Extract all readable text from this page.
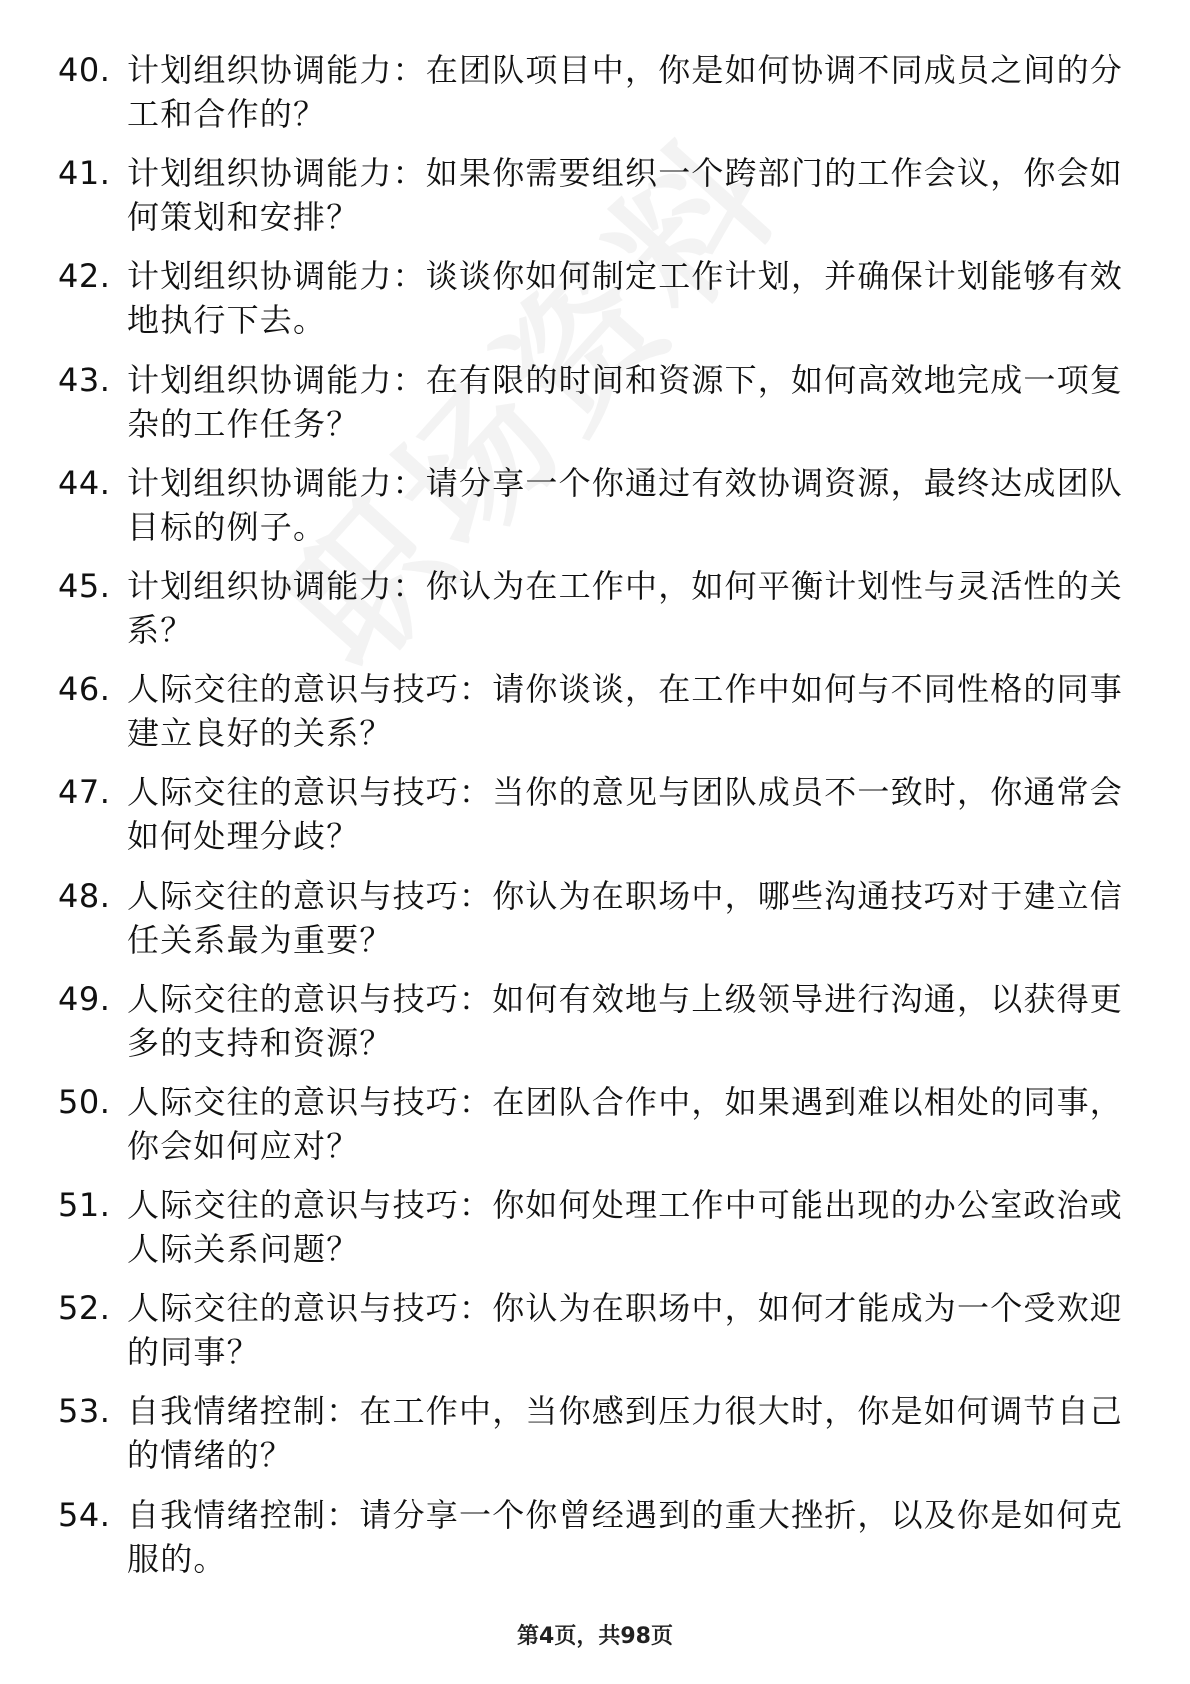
40. 计划组织协调能力：在团队项目中，你是如何协调不同成员之间的分工和合作的？
41. 计划组织协调能力：如果你需要组织一个跨部门的工作会议，你会如何策划和安排？
42. 计划组织协调能力：谈谈你如何制定工作计划，并确保计划能够有效地执行下去。
43. 计划组织协调能力：在有限的时间和资源下，如何高效地完成一项复杂的工作任务？
44. 计划组织协调能力：请分享一个你通过有效协调资源，最终达成团队目标的例子。
45. 计划组织协调能力：你认为在工作中，如何平衡计划性与灵活性的关系？
46. 人际交往的意识与技巧：请你谈谈，在工作中如何与不同性格的同事建立良好的关系？
47. 人际交往的意识与技巧：当你的意见与团队成员不一致时，你通常会如何处理分歧？
48. 人际交往的意识与技巧：你认为在职场中，哪些沟通技巧对于建立信任关系最为重要？
49. 人际交往的意识与技巧：如何有效地与上级领导进行沟通，以获得更多的支持和资源？
50. 人际交往的意识与技巧：在团队合作中，如果遇到难以相处的同事，你会如何应对？
51. 人际交往的意识与技巧：你如何处理工作中可能出现的办公室政治或人际关系问题？
52. 人际交往的意识与技巧：你认为在职场中，如何才能成为一个受欢迎的同事？
53. 自我情绪控制：在工作中，当你感到压力很大时，你是如何调节自己的情绪的？
54. 自我情绪控制：请分享一个你曾经遇到的重大挫折，以及你是如何克服的。
第4页，共98页
